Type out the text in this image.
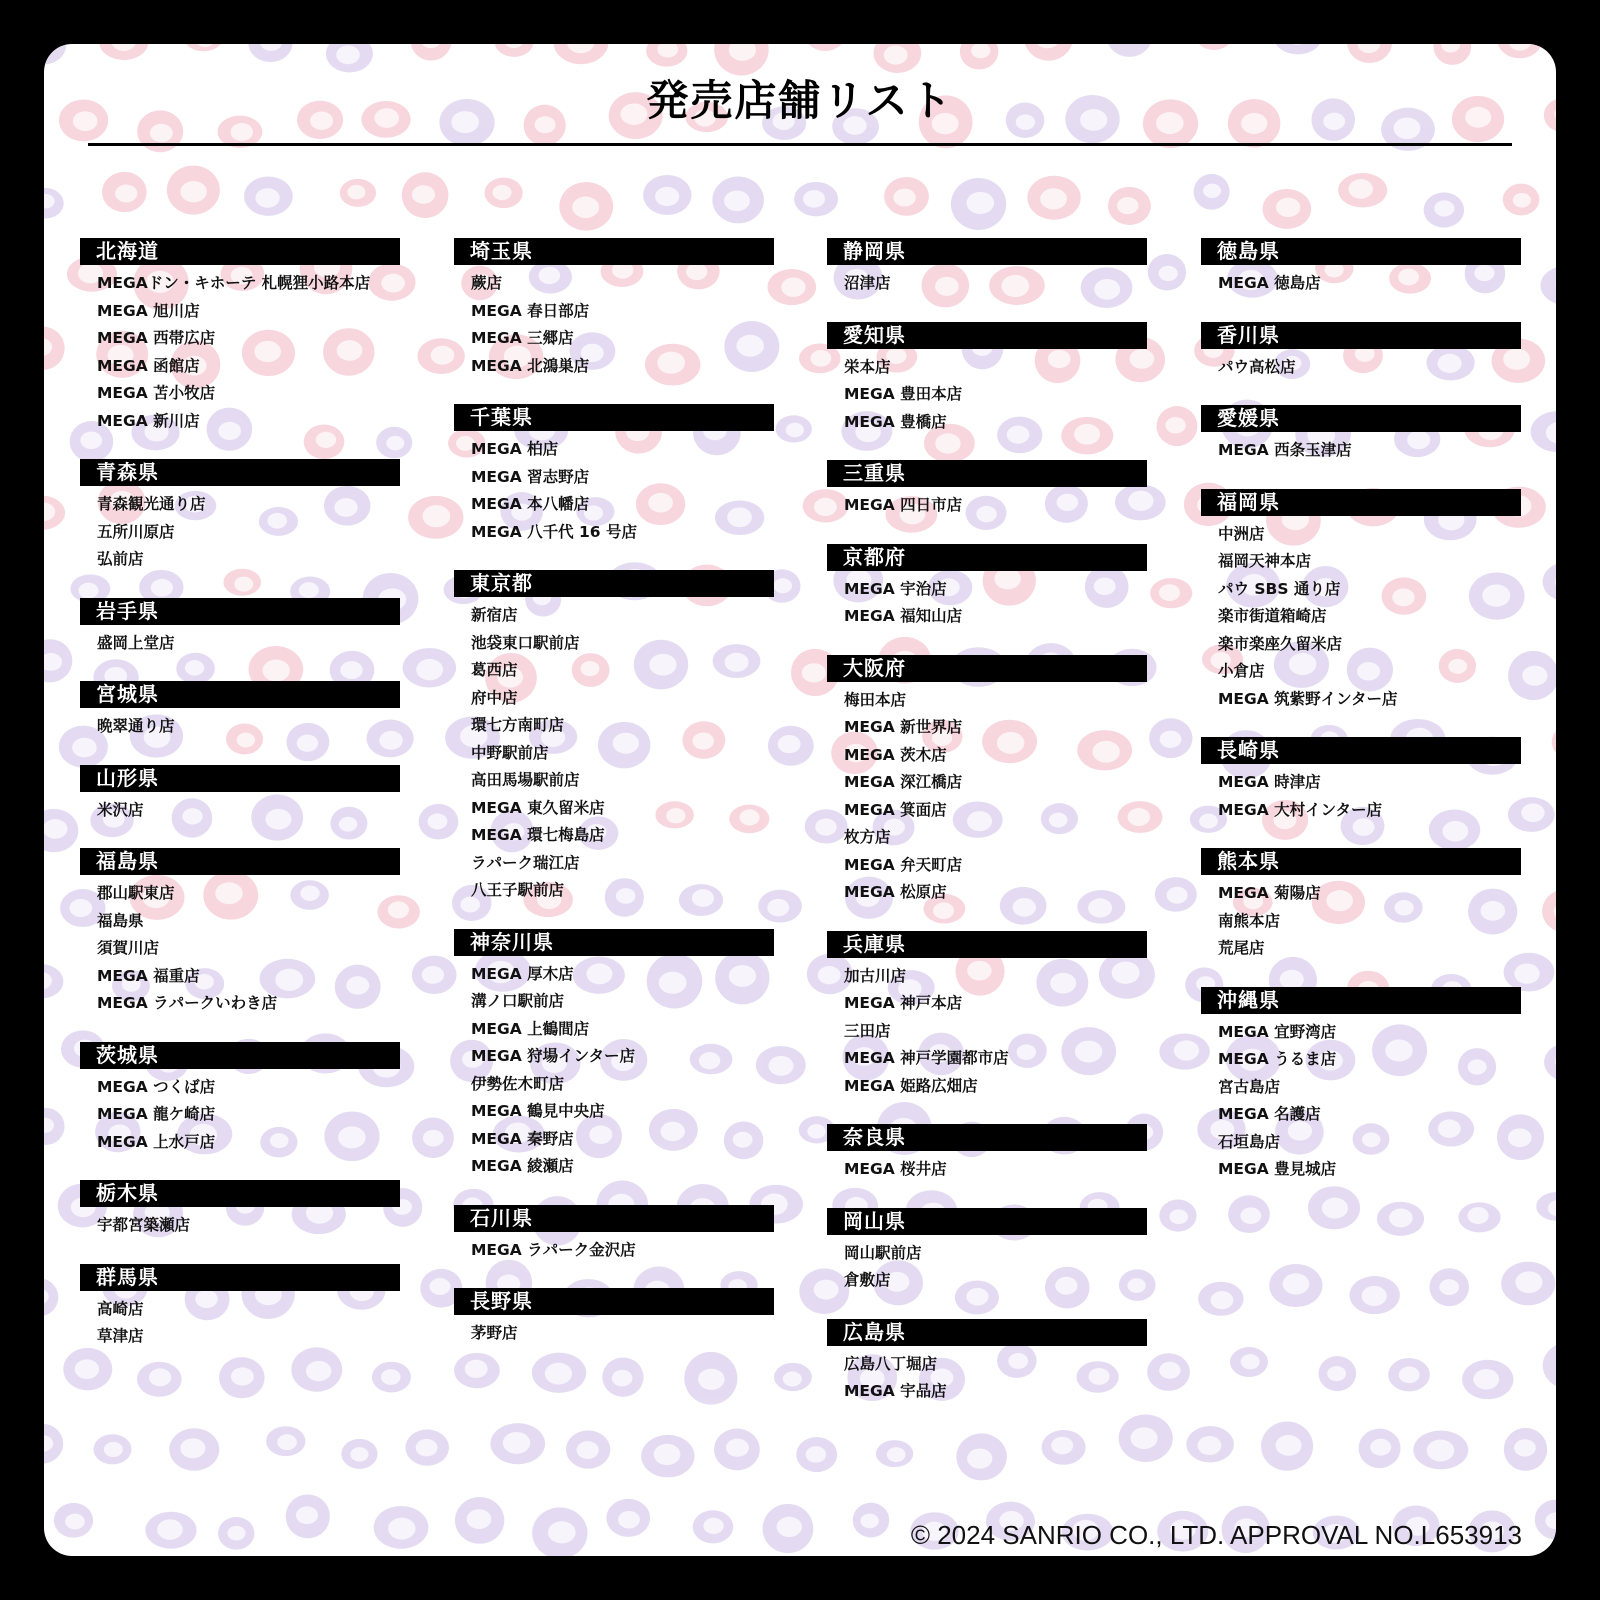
発売店舗リスト
北海道
MEGAドン・キホーテ 札幌狸小路本店
MEGA 旭川店
MEGA 西帯広店
MEGA 函館店
MEGA 苫小牧店
MEGA 新川店
青森県
青森観光通り店
五所川原店
弘前店
岩手県
盛岡上堂店
宮城県
晩翠通り店
山形県
米沢店
福島県
郡山駅東店
福島県
須賀川店
MEGA 福重店
MEGA ラパークいわき店
茨城県
MEGA つくば店
MEGA 龍ケ崎店
MEGA 上水戸店
栃木県
宇都宮築瀬店
群馬県
高崎店
草津店
埼玉県
蕨店
MEGA 春日部店
MEGA 三郷店
MEGA 北鴻巣店
千葉県
MEGA 柏店
MEGA 習志野店
MEGA 本八幡店
MEGA 八千代 16 号店
東京都
新宿店
池袋東口駅前店
葛西店
府中店
環七方南町店
中野駅前店
高田馬場駅前店
MEGA 東久留米店
MEGA 環七梅島店
ラパーク瑞江店
八王子駅前店
神奈川県
MEGA 厚木店
溝ノ口駅前店
MEGA 上鶴間店
MEGA 狩場インター店
伊勢佐木町店
MEGA 鶴見中央店
MEGA 秦野店
MEGA 綾瀬店
石川県
MEGA ラパーク金沢店
長野県
茅野店
静岡県
沼津店
愛知県
栄本店
MEGA 豊田本店
MEGA 豊橋店
三重県
MEGA 四日市店
京都府
MEGA 宇治店
MEGA 福知山店
大阪府
梅田本店
MEGA 新世界店
MEGA 茨木店
MEGA 深江橋店
MEGA 箕面店
枚方店
MEGA 弁天町店
MEGA 松原店
兵庫県
加古川店
MEGA 神戸本店
三田店
MEGA 神戸学園都市店
MEGA 姫路広畑店
奈良県
MEGA 桜井店
岡山県
岡山駅前店
倉敷店
広島県
広島八丁堀店
MEGA 宇品店
徳島県
MEGA 徳島店
香川県
パウ高松店
愛媛県
MEGA 西条玉津店
福岡県
中洲店
福岡天神本店
パウ SBS 通り店
楽市街道箱崎店
楽市楽座久留米店
小倉店
MEGA 筑紫野インター店
長崎県
MEGA 時津店
MEGA 大村インター店
熊本県
MEGA 菊陽店
南熊本店
荒尾店
沖縄県
MEGA 宜野湾店
MEGA うるま店
宮古島店
MEGA 名護店
石垣島店
MEGA 豊見城店
© 2024 SANRIO CO., LTD. APPROVAL NO.L653913
